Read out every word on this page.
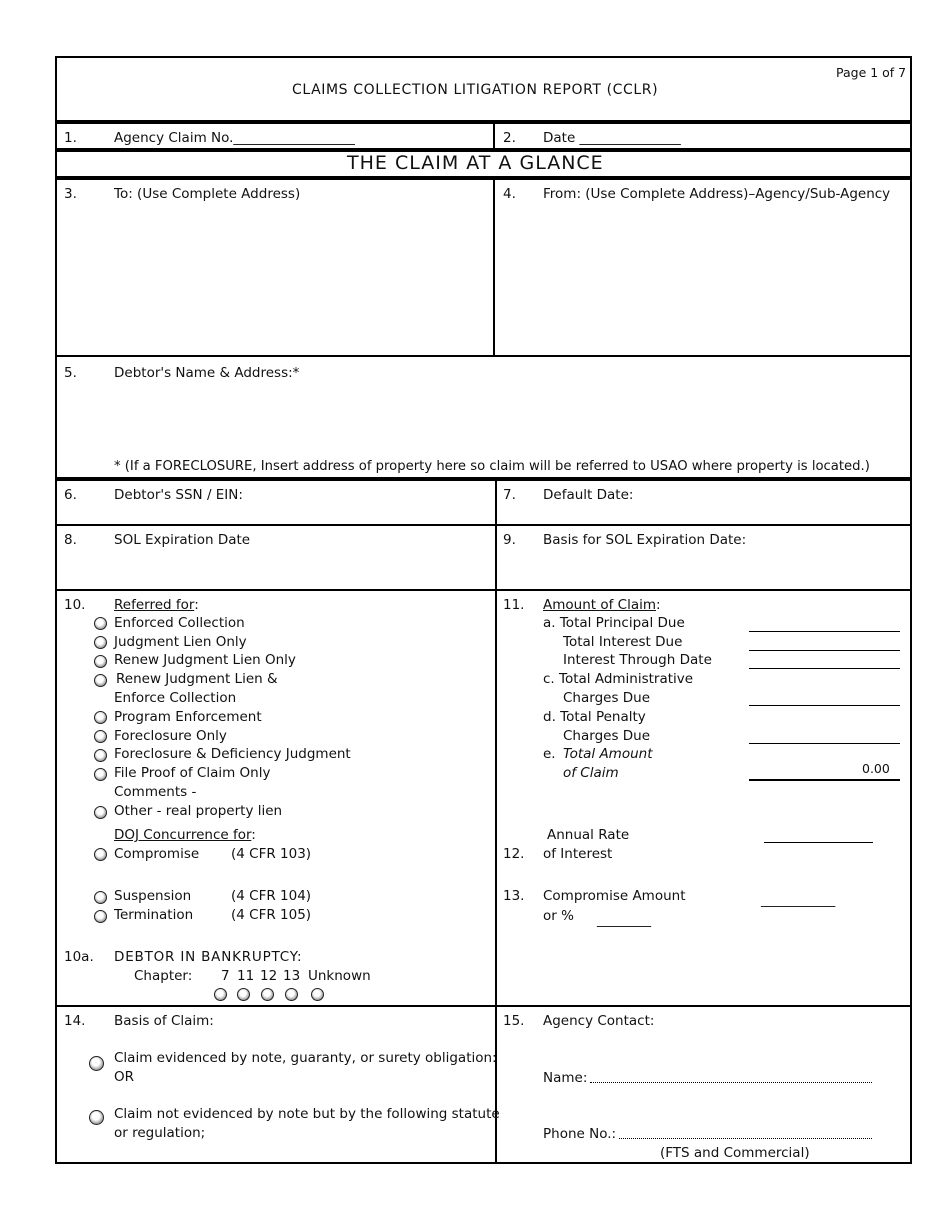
Page 1 of 7
CLAIMS COLLECTION LITIGATION REPORT (CCLR)
1.	Agency Claim No.__________________	2. Date _______________
THE CLAIM AT A GLANCE
3.	To: (Use Complete Address)	4. From: (Use Complete Address)–Agency/Sub-Agency
5.	Debtor's Name & Address:*
* (If a FORECLOSURE, Insert address of property here so claim will be referred to USAO where property is located.)
6.	Debtor's SSN / EIN:	7. Default Date:
8.	SOL Expiration Date	9. Basis for SOL Expiration Date:
10. Referred for:
Enforced Collection
Judgment Lien Only
Renew Judgment Lien Only
Renew Judgment Lien &
Enforce Collection
Program Enforcement
Foreclosure Only
Foreclosure & Deficiency Judgment
File Proof of Claim Only
Comments -
Other - real property lien
DOJ Concurrence for:
Compromise (4 CFR 103)
Suspension	(4 CFR 104)
Termination	(4 CFR 105)
10a. DEBTOR IN BANKRUPTCY:
Chapter: 7 11 12 13 Unknown
11. Amount of Claim:
a. Total Principal Due
Total Interest Due
Interest Through Date
c. Total Administrative
Charges Due
d. Total Penalty
Charges Due
e. Total Amount
of Claim	0.00
Annual Rate
12. of Interest
13. Compromise Amount	___________
or % ________
14. Basis of Claim:
Claim evidenced by note, guaranty, or surety obligation:
OR
Claim not evidenced by note but by the following statute
or regulation;
15. Agency Contact:
Name:
Phone No.:
(FTS and Commercial)
